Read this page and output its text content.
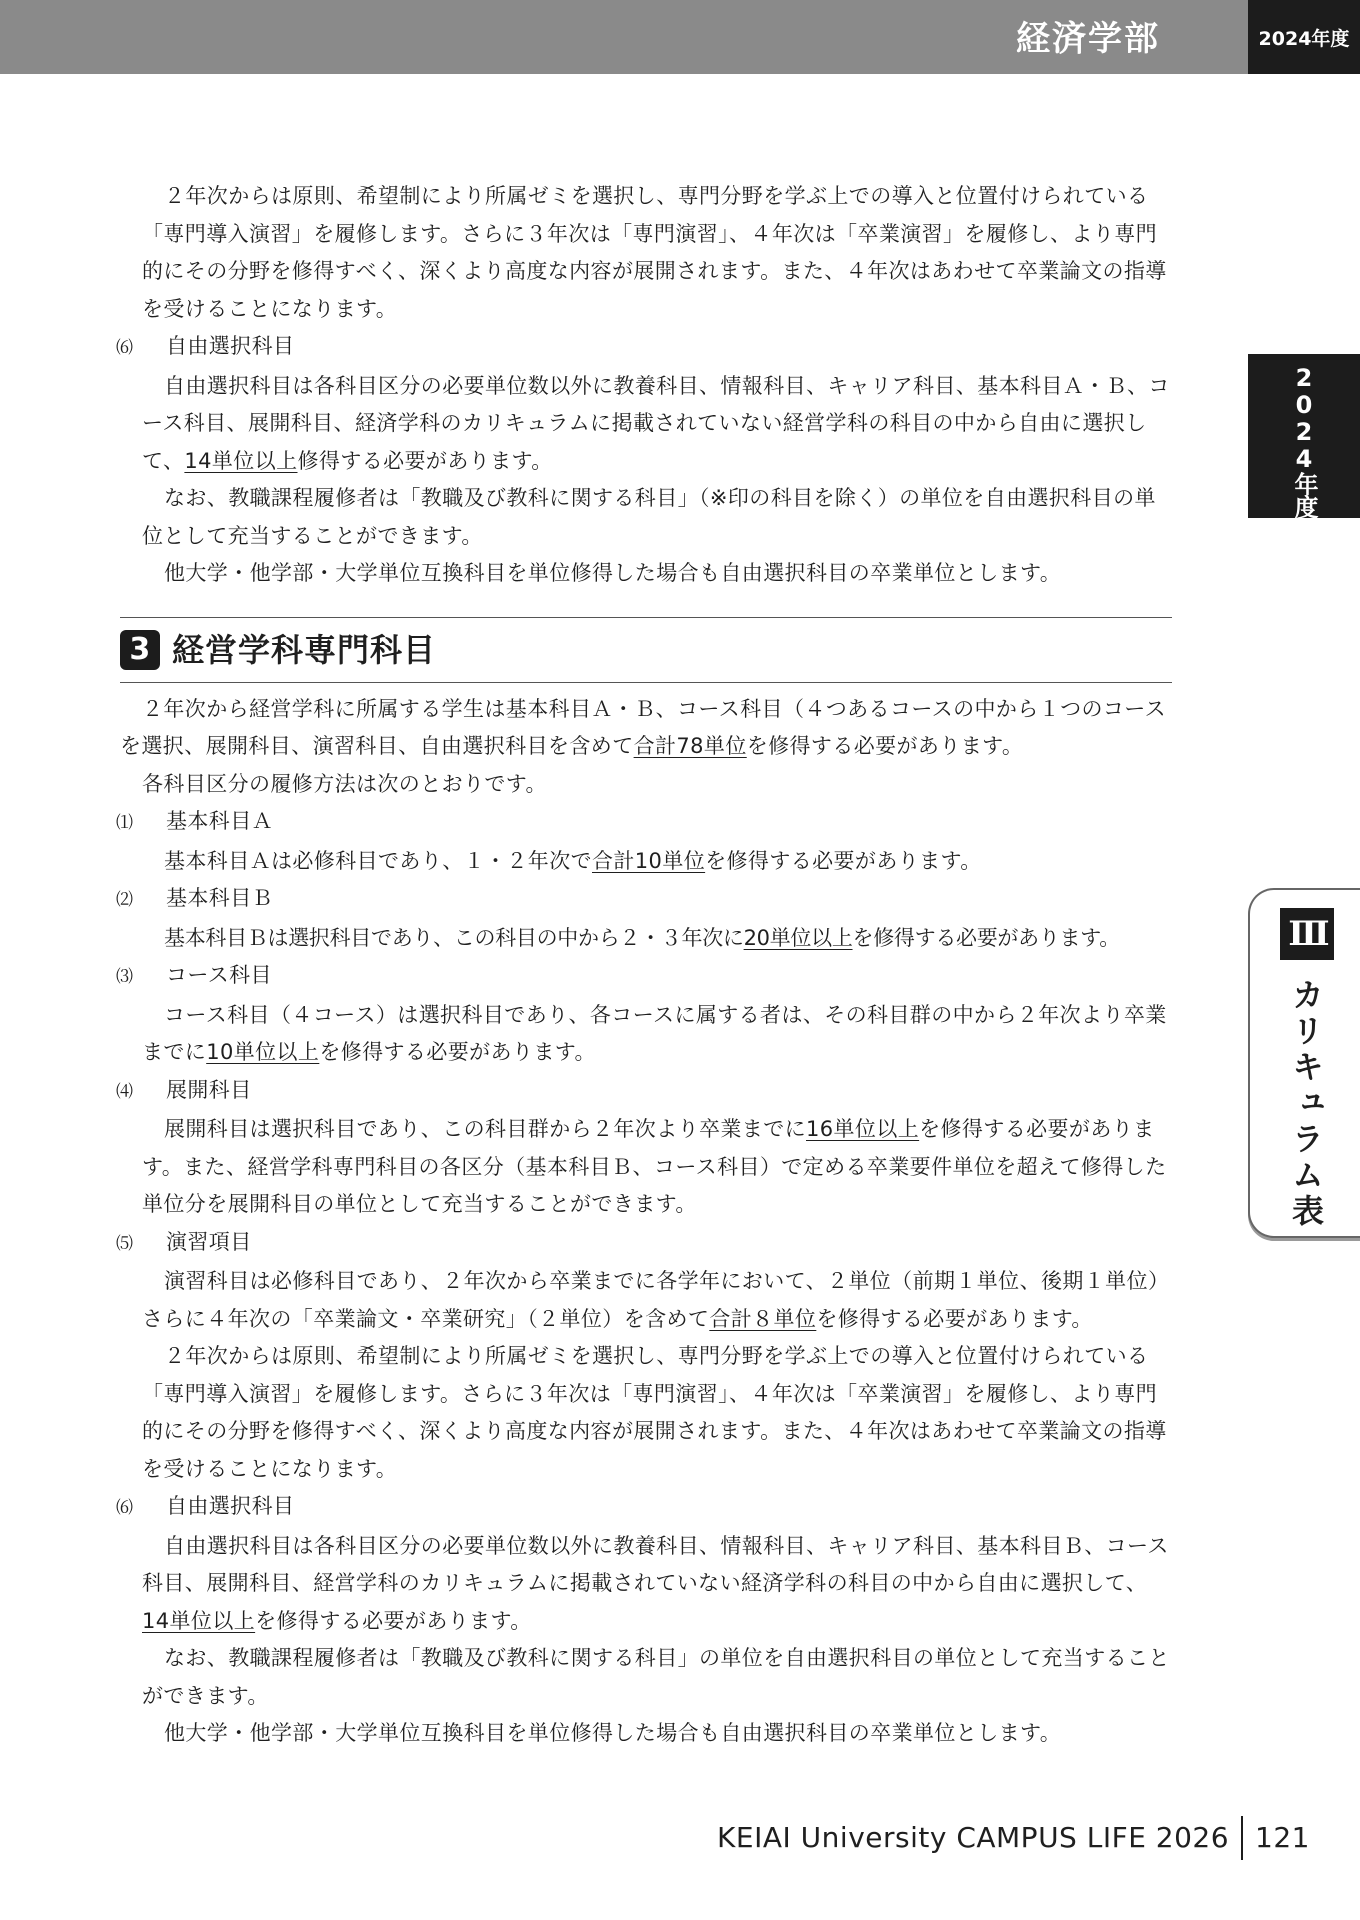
経済学部	2024年度
2024年度
Ⅲ
カリキュラム表

２年次からは原則、希望制により所属ゼミを選択し、専門分野を学ぶ上での導入と位置付けられている「専門導入演習」を履修します。さらに３年次は「専門演習」、４年次は「卒業演習」を履修し、より専門的にその分野を修得すべく、深くより高度な内容が展開されます。また、４年次はあわせて卒業論文の指導を受けることになります。

⑹ 自由選択科目

自由選択科目は各科目区分の必要単位数以外に教養科目、情報科目、キャリア科目、基本科目Ａ・Ｂ、コース科目、展開科目、経済学科のカリキュラムに掲載されていない経営学科の科目の中から自由に選択して、14単位以上修得する必要があります。

なお、教職課程履修者は「教職及び教科に関する科目」（※印の科目を除く）の単位を自由選択科目の単位として充当することができます。

他大学・他学部・大学単位互換科目を単位修得した場合も自由選択科目の卒業単位とします。

3 経営学科専門科目

２年次から経営学科に所属する学生は基本科目Ａ・Ｂ、コース科目（４つあるコースの中から１つのコースを選択、展開科目、演習科目、自由選択科目を含めて合計78単位を修得する必要があります。

各科目区分の履修方法は次のとおりです。

⑴ 基本科目Ａ

基本科目Ａは必修科目であり、１・２年次で合計10単位を修得する必要があります。

⑵ 基本科目Ｂ

基本科目Ｂは選択科目であり、この科目の中から２・３年次に20単位以上を修得する必要があります。

⑶ コース科目

コース科目（４コース）は選択科目であり、各コースに属する者は、その科目群の中から２年次より卒業までに10単位以上を修得する必要があります。

⑷ 展開科目

展開科目は選択科目であり、この科目群から２年次より卒業までに16単位以上を修得する必要があります。また、経営学科専門科目の各区分（基本科目Ｂ、コース科目）で定める卒業要件単位を超えて修得した単位分を展開科目の単位として充当することができます。

⑸ 演習項目

演習科目は必修科目であり、２年次から卒業までに各学年において、２単位（前期１単位、後期１単位）さらに４年次の「卒業論文・卒業研究」（２単位）を含めて合計８単位を修得する必要があります。

２年次からは原則、希望制により所属ゼミを選択し、専門分野を学ぶ上での導入と位置付けられている「専門導入演習」を履修します。さらに３年次は「専門演習」、４年次は「卒業演習」を履修し、より専門的にその分野を修得すべく、深くより高度な内容が展開されます。また、４年次はあわせて卒業論文の指導を受けることになります。

⑹ 自由選択科目

自由選択科目は各科目区分の必要単位数以外に教養科目、情報科目、キャリア科目、基本科目Ｂ、コース科目、展開科目、経営学科のカリキュラムに掲載されていない経済学科の科目の中から自由に選択して、14単位以上を修得する必要があります。

なお、教職課程履修者は「教職及び教科に関する科目」の単位を自由選択科目の単位として充当することができます。

他大学・他学部・大学単位互換科目を単位修得した場合も自由選択科目の卒業単位とします。

KEIAI University CAMPUS LIFE 2026 121
